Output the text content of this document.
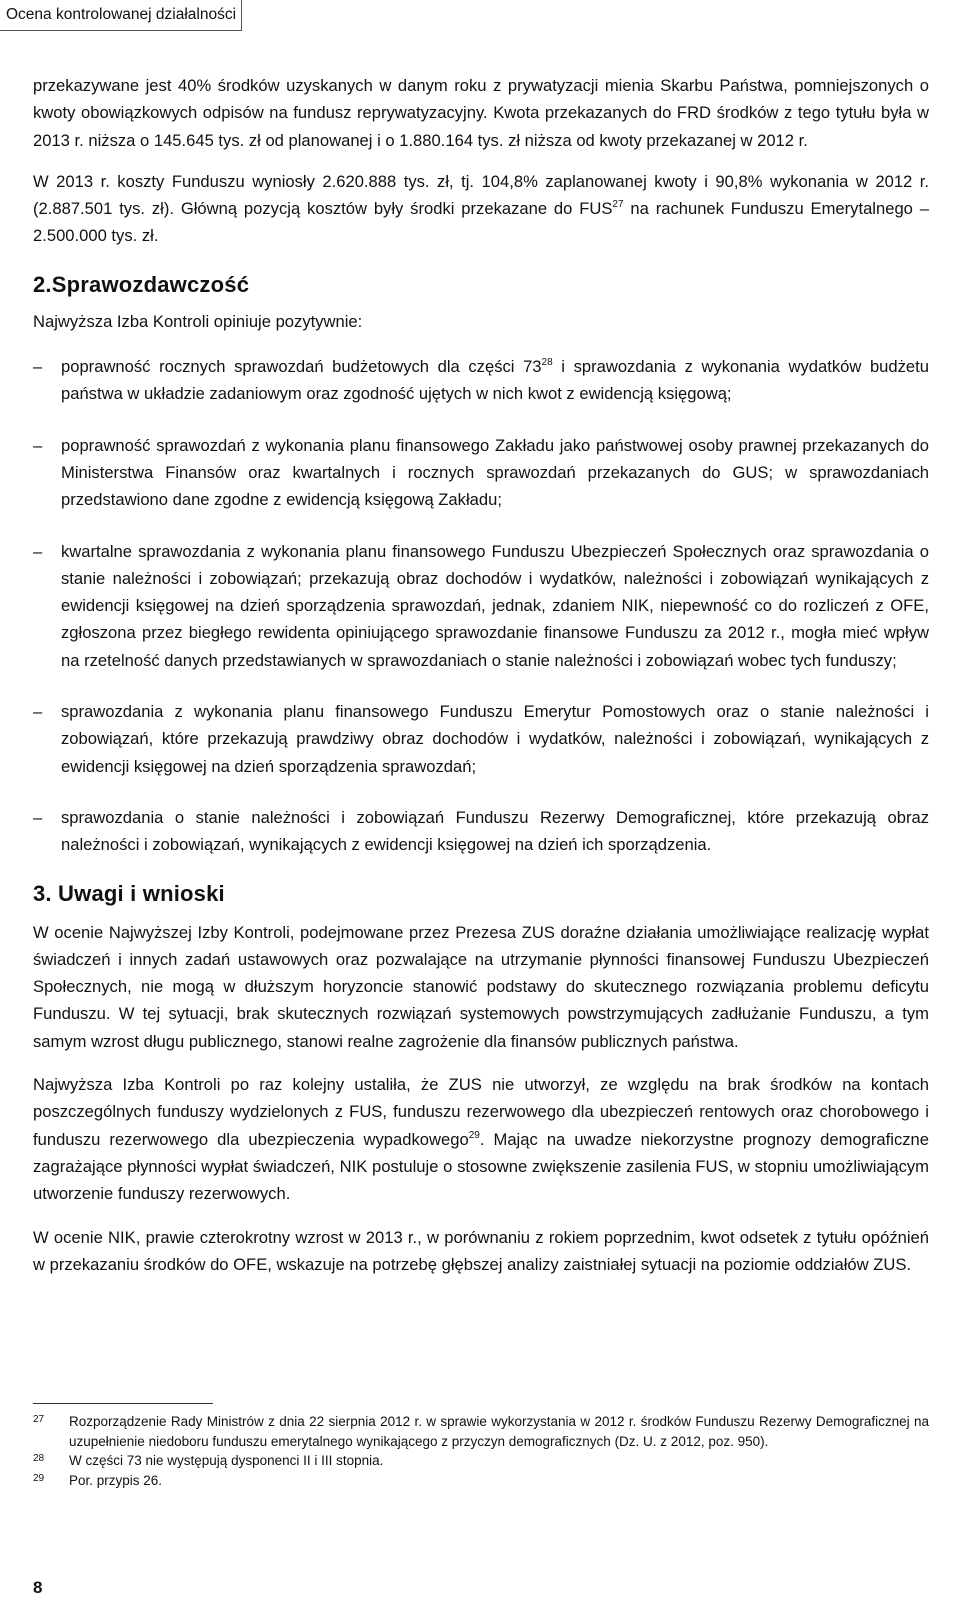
Ocena kontrolowanej działalności

przekazywane jest 40% środków uzyskanych w danym roku z prywatyzacji mienia Skarbu Państwa, pomniejszonych o kwoty obowiązkowych odpisów na fundusz reprywatyzacyjny. Kwota przekazanych do FRD środków z tego tytułu była w 2013 r. niższa o 145.645 tys. zł od planowanej i o 1.880.164 tys. zł niższa od kwoty przekazanej w 2012 r.

W 2013 r. koszty Funduszu wyniosły 2.620.888 tys. zł, tj. 104,8% zaplanowanej kwoty i 90,8% wykonania w 2012 r. (2.887.501 tys. zł). Główną pozycją kosztów były środki przekazane do FUS$^{27}$ na rachunek Funduszu Emerytalnego – 2.500.000 tys. zł.

2.Sprawozdawczość

Najwyższa Izba Kontroli opiniuje pozytywnie:

–	poprawność rocznych sprawozdań budżetowych dla części $73^{28}$ i sprawozdania z wykonania wydatków budżetu państwa w układzie zadaniowym oraz zgodność ujętych w nich kwot z ewidencją księgową;
–	poprawność sprawozdań z wykonania planu finansowego Zakładu jako państwowej osoby prawnej przekazanych do Ministerstwa Finansów oraz kwartalnych i rocznych sprawozdań przekazanych do GUS; w sprawozdaniach przedstawiono dane zgodne z ewidencją księgową Zakładu;
–	kwartalne sprawozdania z wykonania planu finansowego Funduszu Ubezpieczeń Społecznych oraz sprawozdania o stanie należności i zobowiązań; przekazują obraz dochodów i wydatków, należności i zobowiązań wynikających z ewidencji księgowej na dzień sporządzenia sprawozdań, jednak, zdaniem NIK, niepewność co do rozliczeń z OFE, zgłoszona przez biegłego rewidenta opiniującego sprawozdanie finansowe Funduszu za 2012 r., mogła mieć wpływ na rzetelność danych przedstawianych w sprawozdaniach o stanie należności i zobowiązań wobec tych funduszy;
–	sprawozdania z wykonania planu finansowego Funduszu Emerytur Pomostowych oraz o stanie należności i zobowiązań, które przekazują prawdziwy obraz dochodów i wydatków, należności i zobowiązań, wynikających z ewidencji księgowej na dzień sporządzenia sprawozdań;
–	sprawozdania o stanie należności i zobowiązań Funduszu Rezerwy Demograficznej, które przekazują obraz należności i zobowiązań, wynikających z ewidencji księgowej na dzień ich sporządzenia.
3. Uwagi i wnioski

W ocenie Najwyższej Izby Kontroli, podejmowane przez Prezesa ZUS doraźne działania umożliwiające realizację wypłat świadczeń i innych zadań ustawowych oraz pozwalające na utrzymanie płynności finansowej Funduszu Ubezpieczeń Społecznych, nie mogą w dłuższym horyzoncie stanowić podstawy do skutecznego rozwiązania problemu deficytu Funduszu. W tej sytuacji, brak skutecznych rozwiązań systemowych powstrzymujących zadłużanie Funduszu, a tym samym wzrost długu publicznego, stanowi realne zagrożenie dla finansów publicznych państwa.

Najwyższa Izba Kontroli po raz kolejny ustaliła, że ZUS nie utworzył, ze względu na brak środków na kontach poszczególnych funduszy wydzielonych z FUS, funduszu rezerwowego dla ubezpieczeń rentowych oraz chorobowego i funduszu rezerwowego dla ubezpieczenia wypadkowego$^{29}$. Mając na uwadze niekorzystne prognozy demograficzne zagrażające płynności wypłat świadczeń, NIK postuluje o stosowne zwiększenie zasilenia FUS, w stopniu umożliwiającym utworzenie funduszy rezerwowych.

W ocenie NIK, prawie czterokrotny wzrost w 2013 r., w porównaniu z rokiem poprzednim, kwot odsetek z tytułu opóźnień w przekazaniu środków do OFE, wskazuje na potrzebę głębszej analizy zaistniałej sytuacji na poziomie oddziałów ZUS.

27 Rozporządzenie Rady Ministrów z dnia 22 sierpnia 2012 r. w sprawie wykorzystania w 2012 r. środków Funduszu Rezerwy Demograficznej na uzupełnienie niedoboru funduszu emerytalnego wynikającego z przyczyn demograficznych (Dz. U. z 2012, poz. 950).
28 W części 73 nie występują dysponenci II i III stopnia.
29 Por. przypis 26.
8
